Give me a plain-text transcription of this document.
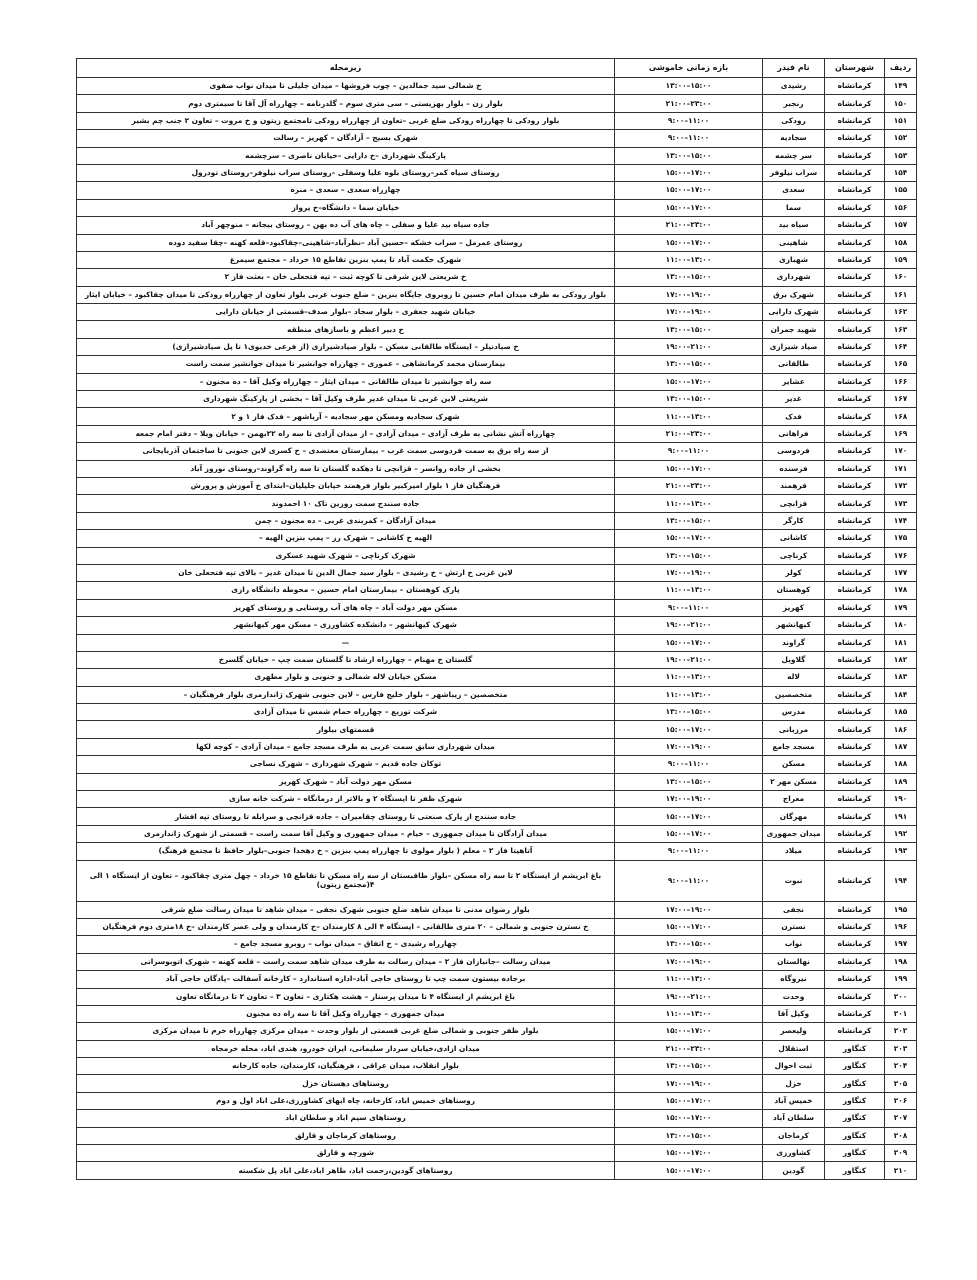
ردیف	شهرستان	نام فیدر	بازه زمانی خاموشی	زیرمحله
۱۴۹	کرمانشاه	رشیدی	۱۳:۰۰–۱۵:۰۰	خ شمالی سید جمالدین – چوب فروشها – میدان جلیلی تا میدان نواب صفوی
۱۵۰	کرمانشاه	رنجبر	۲۱:۰۰–۲۳:۰۰	بلوار زن – بلوار بهزیستی – سی متری سوم – گلدرنامه – چهارراه آل آقا تا سیمتری دوم
۱۵۱	کرمانشاه	رودکی	۹:۰۰–۱۱:۰۰	بلوار رودکی تا چهارراه رودکی ضلع غربی –تعاون از چهارراه رودکی تامجتمع زیتون و خ مروت – تعاون ۲ جنب چم بشیر
۱۵۲	کرمانشاه	سجادیه	۹:۰۰–۱۱:۰۰	شهرک بسیج – آزادگان – کهریز – رسالت
۱۵۳	کرمانشاه	سر چشمه	۱۳:۰۰–۱۵:۰۰	پارکینگ شهرداری –خ دارایی –خیابان ناصری – سرچشمه
۱۵۴	کرمانشاه	سراب نیلوفر	۱۵:۰۰–۱۷:۰۰	روستای سیاه کمر–روستای بلوه علیا وسفلی –روستای سراب نیلوفر–روستای تودرول
۱۵۵	کرمانشاه	سعدی	۱۵:۰۰–۱۷:۰۰	چهارراه سعدی – سعدی – منزه
۱۵۶	کرمانشاه	سما	۱۵:۰۰–۱۷:۰۰	خیابان سما – دانشگاه–خ پرواز
۱۵۷	کرمانشاه	سیاه بید	۲۱:۰۰–۲۳:۰۰	جاده سیاه بید علیا و سفلی – چاه های آب ده بهن – روستای بیجانه – منوچهر آباد
۱۵۸	کرمانشاه	شاهینی	۱۵:۰۰–۱۷:۰۰	روستای عمرمل – سراب خشکه –حسین آباد –نظرآباد–شاهینی–چقاکبود–قلعه کهنه –چقا سفید دوده
۱۵۹	کرمانشاه	شهبازی	۱۱:۰۰–۱۳:۰۰	شهرک حکمت آباد تا پمپ بنزین تقاطع ۱۵ خرداد – مجتمع سیمرغ
۱۶۰	کرمانشاه	شهرداری	۱۳:۰۰–۱۵:۰۰	خ شریعتی لاین شرقی تا کوچه ثبت – تپه فتحعلی خان – بعثت فاز ۲
۱۶۱	کرمانشاه	شهرک برق	۱۷:۰۰–۱۹:۰۰	بلوار رودکی به طرف میدان امام حسین تا روبروی جایگاه بنزین – ضلع جنوب غربی بلوار تعاون از چهارراه رودکی تا میدان چقاکبود – خیابان ایثار
۱۶۲	کرمانشاه	شهرک دارایی	۱۷:۰۰–۱۹:۰۰	خیابان شهید جعفری – بلوار سجاد –بلوار صدف–قسمتی از خیابان دارایی
۱۶۳	کرمانشاه	شهید جمران	۱۳:۰۰–۱۵:۰۰	خ دبیر اعظم و باسازهای منطقه
۱۶۴	کرمانشاه	صیاد شیرازی	۱۹:۰۰–۲۱:۰۰	خ صیادنیلر – ایستگاه طالقانی مسکن – بلوار صیادشیرازی (از فرعی خدیوی۱ تا پل صیادشیرازی)
۱۶۵	کرمانشاه	طالقانی	۱۳:۰۰–۱۵:۰۰	بیمارستان محمد کرمانشاهی – عموری – چهارراه جوانشیر تا میدان جوانشیر سمت راست
۱۶۶	کرمانشاه	عشایر	۱۵:۰۰–۱۷:۰۰	سه راه جوانشیر تا میدان طالقانی – میدان ایثار – چهارراه وکیل آقا – ده مجنون –
۱۶۷	کرمانشاه	غدیر	۱۳:۰۰–۱۵:۰۰	شریعتی لاین غربی تا میدان غدیر طرف وکیل آقا – بخشی از پارکینگ شهرداری
۱۶۸	کرمانشاه	فدک	۱۱:۰۰–۱۳:۰۰	شهرک سجادیه ومسکن مهر سجادیه – آریاشهر – فدک فاز ۱ و ۲
۱۶۹	کرمانشاه	فراهانی	۲۱:۰۰–۲۳:۰۰	چهارراه آتش نشانی به طرف آزادی – میدان آزادی – از میدان آزادی تا سه راه ۲۲بهمن – خیابان ویلا – دفتر امام جمعه
۱۷۰	کرمانشاه	فردوسی	۹:۰۰–۱۱:۰۰	از سه راه برق به سمت فردوسی سمت غرب – بیمارستان معتضدی – خ کسری لاین جنوبی تا ساختمان آذربایجانی
۱۷۱	کرمانشاه	فرسنده	۱۵:۰۰–۱۷:۰۰	بخشی از جاده روانسر – قزانچی تا دهکده گلستان تا سه راه گراوند–روستای نوروز آباد
۱۷۲	کرمانشاه	فرهمند	۲۱:۰۰–۲۳:۰۰	فرهنگیان فاز ۱ بلوار امیرکبیر بلوار فرهمند خیابان جلیلیان–ابتدای خ آموزش و پرورش
۱۷۳	کرمانشاه	قزانچی	۱۱:۰۰–۱۳:۰۰	جاده سنندج سمت روزین تاک ۱۰ احمدوند
۱۷۴	کرمانشاه	کارگر	۱۳:۰۰–۱۵:۰۰	میدان آزادگان – کمربندی غربی – ده مجنون – چمن
۱۷۵	کرمانشاه	کاشانی	۱۵:۰۰–۱۷:۰۰	الهیه خ کاشانی – شهرک رز – پمپ بنزین الهیه –
۱۷۶	کرمانشاه	کرناچی	۱۳:۰۰–۱۵:۰۰	شهرک کرناچی – شهرک شهید عسکری
۱۷۷	کرمانشاه	کولر	۱۷:۰۰–۱۹:۰۰	لاین غربی خ ارتش – خ رشیدی – بلوار سید جمال الدین تا میدان غدیر – بالای تپه فتحعلی خان
۱۷۸	کرمانشاه	کوهستان	۱۱:۰۰–۱۳:۰۰	پارک کوهستان – بیمارستان امام حسین – محوطه دانشگاه رازی
۱۷۹	کرمانشاه	کهریز	۹:۰۰–۱۱:۰۰	مسکن مهر دولت آباد – چاه های آب روستایی و روستای کهریز
۱۸۰	کرمانشاه	کیهانشهر	۱۹:۰۰–۲۱:۰۰	شهرک کیهانشهر – دانشکده کشاورزی – مسکن مهر کیهانشهر
۱۸۱	کرمانشاه	گراوند	۱۵:۰۰–۱۷:۰۰	—
۱۸۲	کرمانشاه	گلاویل	۱۹:۰۰–۲۱:۰۰	گلستان خ مهنام – چهارراه ارشاد تا گلستان سمت چپ – خیابان گلسرخ
۱۸۳	کرمانشاه	لاله	۱۱:۰۰–۱۳:۰۰	مسکن خیابان لاله شمالی و جنوبی و بلوار مطهری
۱۸۴	کرمانشاه	متخصصین	۱۱:۰۰–۱۳:۰۰	متخصصین – زیباشهر – بلوار خلیج فارس – لاین جنوبی شهرک ژاندارمری بلوار فرهنگیان –
۱۸۵	کرمانشاه	مدرس	۱۳:۰۰–۱۵:۰۰	شرکت توزیع – چهارراه حمام شمس تا میدان آزادی
۱۸۶	کرمانشاه	مرزبانی	۱۵:۰۰–۱۷:۰۰	قسمتهای بیلوار
۱۸۷	کرمانشاه	مسجد جامع	۱۷:۰۰–۱۹:۰۰	میدان شهرداری سابق سمت غربی به طرف مسجد جامع – میدان آزادی – کوچه لکها
۱۸۸	کرمانشاه	مسکن	۹:۰۰–۱۱:۰۰	توکان جاده قدیم – شهرک شهرداری – شهرک نساجی
۱۸۹	کرمانشاه	مسکن مهر ۲	۱۳:۰۰–۱۵:۰۰	مسکن مهر دولت آباد – شهرک کهریز
۱۹۰	کرمانشاه	معراج	۱۷:۰۰–۱۹:۰۰	شهرک ظفر تا ایستگاه ۲ و بالاتر از درمانگاه – شرکت خانه سازی
۱۹۱	کرمانشاه	مهرگان	۱۵:۰۰–۱۷:۰۰	جاده سنندج از پارک صنعتی تا روستای چقامیران – جاده قزانچی و سرابله تا روستای تپه افشار
۱۹۲	کرمانشاه	میدان جمهوری	۱۵:۰۰–۱۷:۰۰	میدان آزادگان تا میدان جمهوری – خیام – میدان جمهوری و وکیل آقا سمت راست – قسمتی از شهرک ژاندارمری
۱۹۳	کرمانشاه	میلاد	۹:۰۰–۱۱:۰۰	آتاهیتا فاز ۲ – معلم ( بلوار مولوی تا چهارراه پمپ بنزین – خ دهخدا جنوبی–بلوار حافظ تا مجتمع فرهنگ)
۱۹۴	کرمانشاه	نبوت	۹:۰۰–۱۱:۰۰	باغ ابریشم از ایستگاه ۲ تا سه راه مسکن –بلوار طاقبستان از سه راه مسکن تا تقاطع ۱۵ خرداد – چهل متری چقاکبود – تعاون از ایستگاه ۱ الی ۴(مجتمع زیتون)
۱۹۵	کرمانشاه	نجفی	۱۷:۰۰–۱۹:۰۰	بلوار رضوان مدنی تا میدان شاهد ضلع جنوبی شهرک نجفی – میدان شاهد تا میدان رسالت ضلع شرقی
۱۹۶	کرمانشاه	نسترن	۱۵:۰۰–۱۷:۰۰	خ نسترن جنوبی و شمالی – ۲۰ متری طالقانی – ایستگاه ۴ الی ۸ کارمندان –خ کارمندان و ولی عصر کارمندان –خ ۱۸متری دوم فرهنگیان
۱۹۷	کرمانشاه	نواب	۱۳:۰۰–۱۵:۰۰	چهارراه رشیدی – خ اتفاق – میدان نواب – روبرو مسجد جامع –
۱۹۸	کرمانشاه	نهالستان	۱۷:۰۰–۱۹:۰۰	میدان رسالت –جانبازان فاز ۲ – میدان رسالت به طرف میدان شاهد سمت راست – قلعه کهنه – شهرک اتوبوسرانی
۱۹۹	کرمانشاه	نیروگاه	۱۱:۰۰–۱۳:۰۰	برجاده بیستون سمت چپ تا روستای حاجی آباد–اداره استاندارد – کارخانه آسفالت –پادگان حاجی آباد
۲۰۰	کرمانشاه	وحدت	۱۹:۰۰–۲۱:۰۰	باغ ابریشم از ایستگاه ۴ تا میدان پرستار – هشت هکتاری – تعاون ۳ – تعاون ۲ تا درمانگاه تعاون
۲۰۱	کرمانشاه	وکیل آقا	۱۱:۰۰–۱۳:۰۰	میدان جمهوری – چهارراه وکیل آقا تا سه راه ده مجنون
۲۰۲	کرمانشاه	ولیعصر	۱۵:۰۰–۱۷:۰۰	بلوار ظفر جنوبی و شمالی ضلع غربی قسمتی از بلوار وحدت – میدان مرکزی چهارراه خرم تا میدان مرکزی
۲۰۳	کنگاور	استقلال	۲۱:۰۰–۲۳:۰۰	میدان ازادی،خیابان سردار سلیمانی، ایران خودرو، هندی اباد، محله خرمجاه
۲۰۴	کنگاور	ثبت احوال	۱۳:۰۰–۱۵:۰۰	بلوار انقلاب، میدان عراقی ، فرهنگیان، کارمندان، جاده کارخانه
۲۰۵	کنگاور	خزل	۱۷:۰۰–۱۹:۰۰	روستاهای دهستان خزل
۲۰۶	کنگاور	خمیس آباد	۱۵:۰۰–۱۷:۰۰	روستاهای خمیس اباد، کارخانه، چاه ابهای کشاورزی،علی اباد اول و دوم
۲۰۷	کنگاور	سلطان آباد	۱۵:۰۰–۱۷:۰۰	روستاهای سیم اباد و سلطان اباد
۲۰۸	کنگاور	کرماجان	۱۳:۰۰–۱۵:۰۰	روستاهای کرماجان و قارلق
۲۰۹	کنگاور	کشاورزی	۱۵:۰۰–۱۷:۰۰	شورچه و قارلق
۲۱۰	کنگاور	گودین	۱۵:۰۰–۱۷:۰۰	روستاهای گودین،رحمت اباد، طاهر اباد،علی اباد پل شکسته
